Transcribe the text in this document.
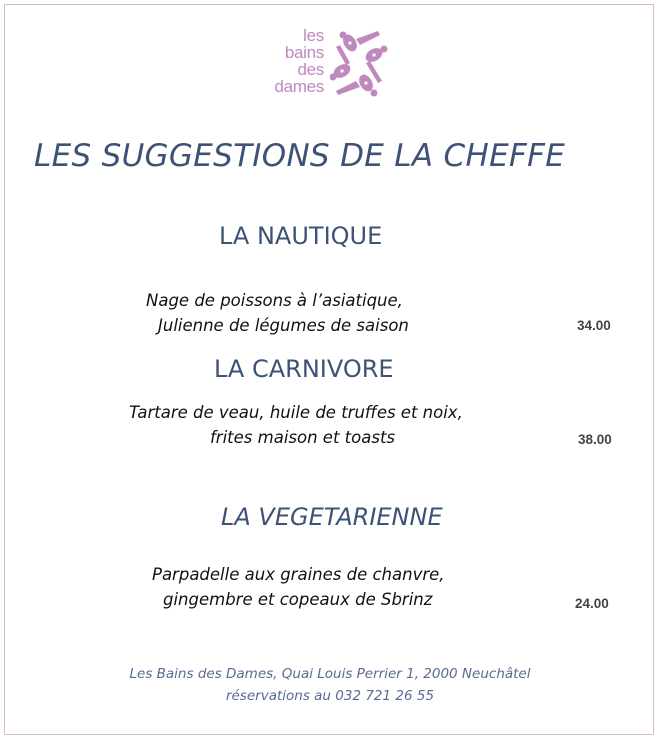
les
bains
des
dames
LES SUGGESTIONS DE LA CHEFFE
LA NAUTIQUE
Nage de poissons à l’asiatique,
Julienne de légumes de saison	34.00
LA CARNIVORE
Tartare de veau, huile de truffes et noix,
frites maison et toasts	38.00
LA VEGETARIENNE
Parpadelle aux graines de chanvre,
gingembre et copeaux de Sbrinz	24.00
Les Bains des Dames, Quai Louis Perrier 1, 2000 Neuchâtel
réservations au 032 721 26 55
